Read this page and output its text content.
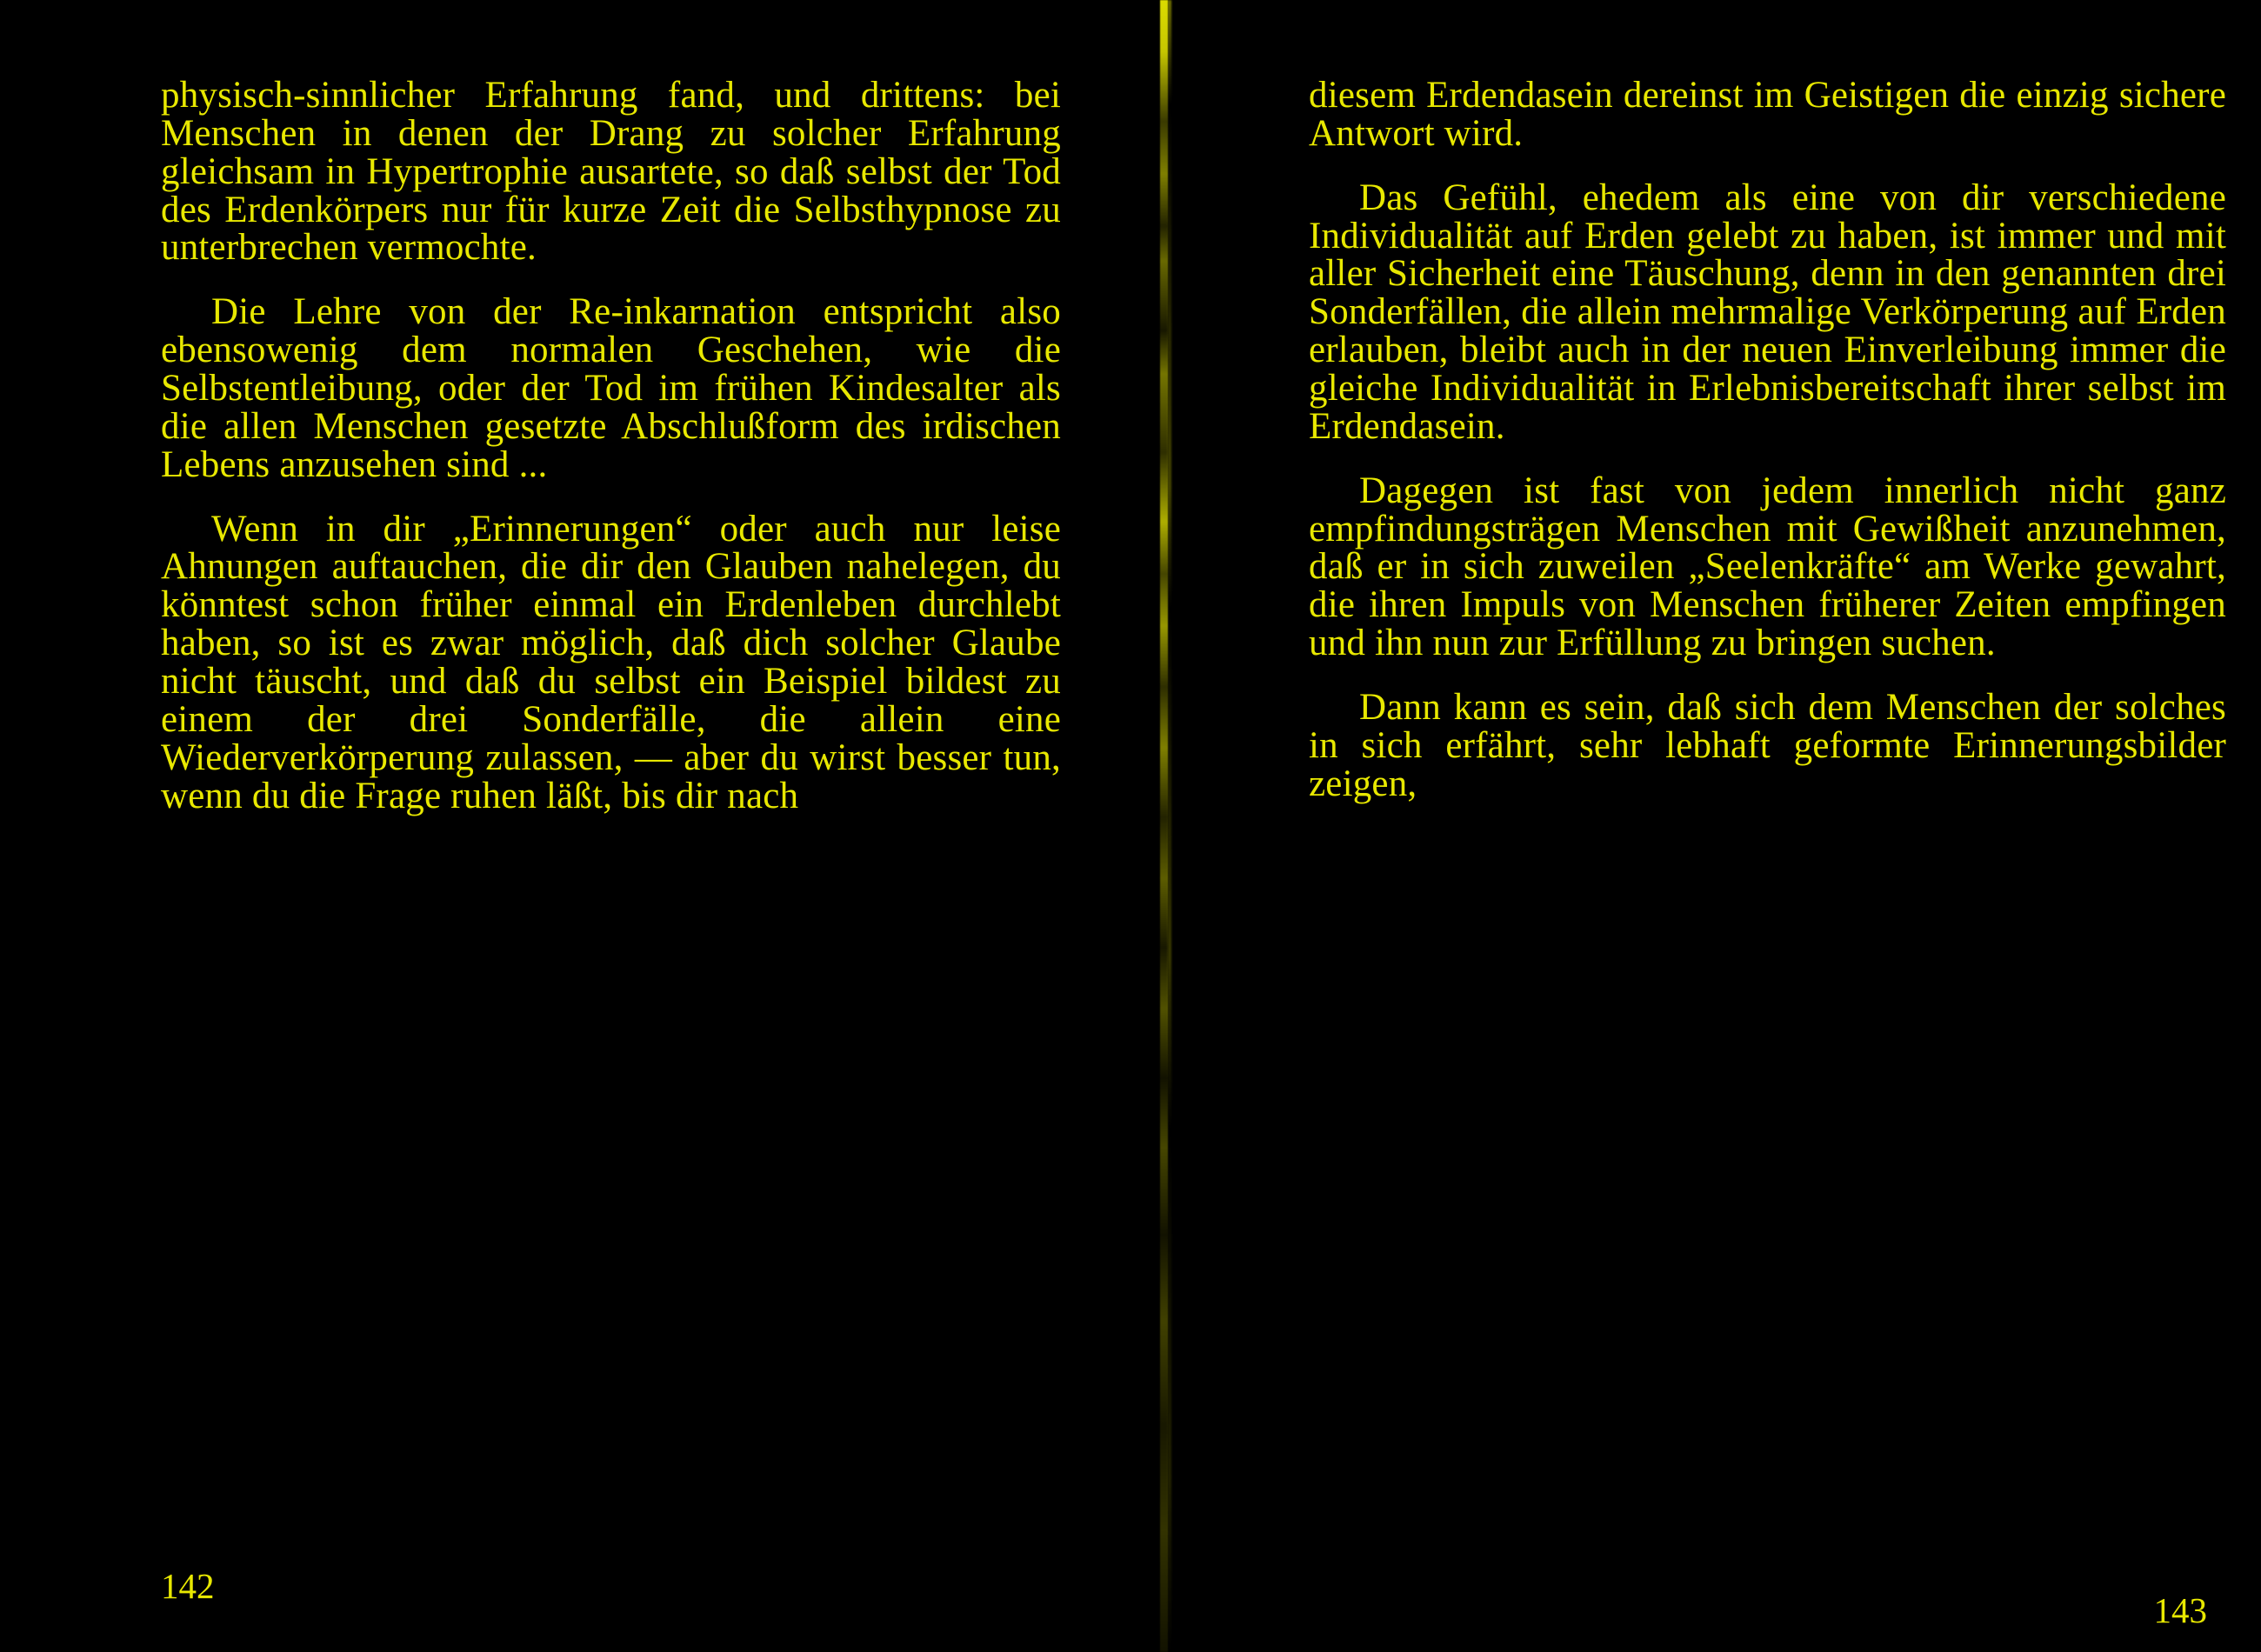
physisch-sinnlicher Erfahrung fand, und drittens: bei Menschen in denen der Drang zu solcher Erfahrung gleichsam in Hypertrophie ausartete, so daß selbst der Tod des Erdenkörpers nur für kurze Zeit die Selbsthypnose zu unterbrechen vermochte.

Die Lehre von der Re-inkarnation entspricht also ebensowenig dem normalen Geschehen, wie die Selbstentleibung, oder der Tod im frühen Kindesalter als die allen Menschen gesetzte Abschlußform des irdischen Lebens anzusehen sind ...

Wenn in dir „Erinnerungen“ oder auch nur leise Ahnungen auftauchen, die dir den Glauben nahelegen, du könntest schon früher einmal ein Erdenleben durchlebt haben, so ist es zwar möglich, daß dich solcher Glaube nicht täuscht, und daß du selbst ein Beispiel bildest zu einem der drei Sonderfälle, die allein eine Wiederverkörperung zulassen, — aber du wirst besser tun, wenn du die Frage ruhen läßt, bis dir nach

142

diesem Erdendasein dereinst im Geistigen die einzig sichere Antwort wird.

Das Gefühl, ehedem als eine von dir verschiedene Individualität auf Erden gelebt zu haben, ist immer und mit aller Sicherheit eine Täuschung, denn in den genannten drei Sonderfällen, die allein mehrmalige Verkörperung auf Erden erlauben, bleibt auch in der neuen Einverleibung immer die gleiche Individualität in Erlebnisbereitschaft ihrer selbst im Erdendasein.

Dagegen ist fast von jedem innerlich nicht ganz empfindungsträgen Menschen mit Gewißheit anzunehmen, daß er in sich zuweilen „Seelenkräfte“ am Werke gewahrt, die ihren Impuls von Menschen früherer Zeiten empfingen und ihn nun zur Erfüllung zu bringen suchen.

Dann kann es sein, daß sich dem Menschen der solches in sich erfährt, sehr lebhaft geformte Erinnerungsbilder zeigen,

143
